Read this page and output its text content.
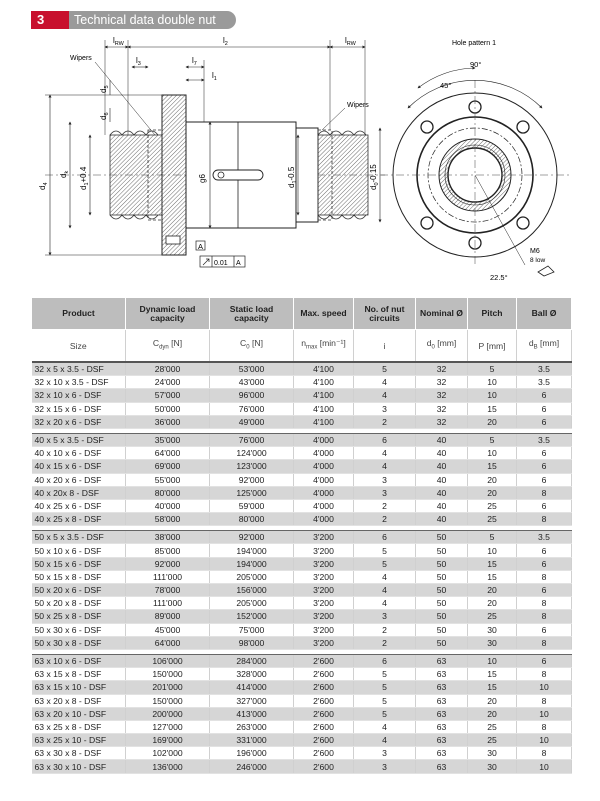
3	Technical data double nut
$l_{RW}$	$l_2$	$l_{RW}$
Wipers
Wipers
$l_3$	$l_7$
$l_1$
$d_4$
$d_k$
$d_1+0.4$
$d_5$
$d_6$
g6
$d_1-0.5$
$d_0-0.15$
A
0.01 A
Hole pattern 1
90°
45°
M6
8 low
22.5°
Product	Dynamic load capacity	Static load capacity	Max. speed	No. of nut circuits	Nominal Ø	Pitch	Ball Ø
Size	$C_{dyn}$ [N]	$C_0$ [N]	$n_{max}$ [min⁻¹]	i	$d_0$ [mm]	P [mm]	$d_B$ [mm]
32 x 5 x 3.5 - DSF	28'000	53'000	4'100	5	32	5	3.5
32 x 10 x 3.5 - DSF	24'000	43'000	4'100	4	32	10	3.5
32 x 10 x 6 - DSF	57'000	96'000	4'100	4	32	10	6
32 x 15 x 6 - DSF	50'000	76'000	4'100	3	32	15	6
32 x 20 x 6 - DSF	36'000	49'000	4'100	2	32	20	6

40 x 5 x 3.5 - DSF	35'000	76'000	4'000	6	40	5	3.5
40 x 10 x 6 - DSF	64'000	124'000	4'000	4	40	10	6
40 x 15 x 6 - DSF	69'000	123'000	4'000	4	40	15	6
40 x 20 x 6 - DSF	55'000	92'000	4'000	3	40	20	6
40 x 20x 8 - DSF	80'000	125'000	4'000	3	40	20	8
40 x 25 x 6 - DSF	40'000	59'000	4'000	2	40	25	6
40 x 25 x 8 - DSF	58'000	80'000	4'000	2	40	25	8

50 x 5 x 3.5 - DSF	38'000	92'000	3'200	6	50	5	3.5
50 x 10 x 6 - DSF	85'000	194'000	3'200	5	50	10	6
50 x 15 x 6 - DSF	92'000	194'000	3'200	5	50	15	6
50 x 15 x 8 - DSF	111'000	205'000	3'200	4	50	15	8
50 x 20 x 6 - DSF	78'000	156'000	3'200	4	50	20	6
50 x 20 x 8 - DSF	111'000	205'000	3'200	4	50	20	8
50 x 25 x 8 - DSF	89'000	152'000	3'200	3	50	25	8
50 x 30 x 6 - DSF	45'000	75'000	3'200	2	50	30	6
50 x 30 x 8 - DSF	64'000	98'000	3'200	2	50	30	8

63 x 10 x 6 - DSF	106'000	284'000	2'600	6	63	10	6
63 x 15 x 8 - DSF	150'000	328'000	2'600	5	63	15	8
63 x 15 x 10 - DSF	201'000	414'000	2'600	5	63	15	10
63 x 20 x 8 - DSF	150'000	327'000	2'600	5	63	20	8
63 x 20 x 10 - DSF	200'000	413'000	2'600	5	63	20	10
63 x 25 x 8 - DSF	127'000	263'000	2'600	4	63	25	8
63 x 25 x 10 - DSF	169'000	331'000	2'600	4	63	25	10
63 x 30 x 8 - DSF	102'000	196'000	2'600	3	63	30	8
63 x 30 x 10 - DSF	136'000	246'000	2'600	3	63	30	10
